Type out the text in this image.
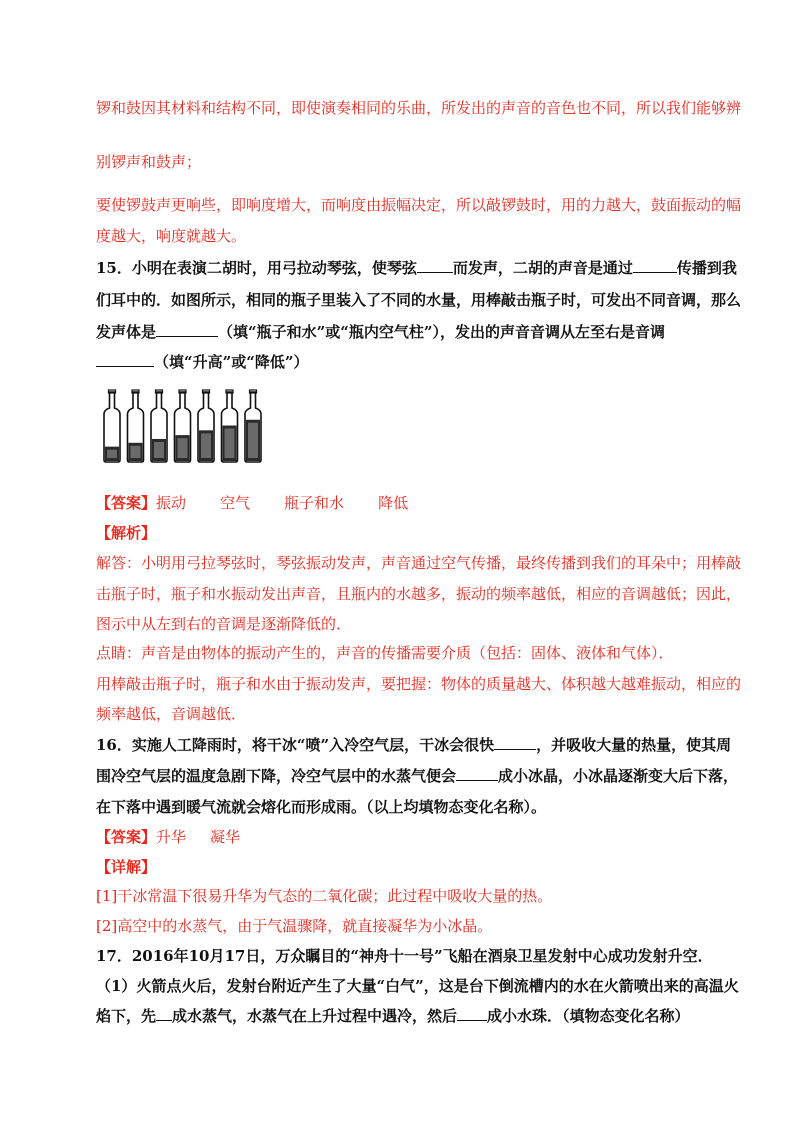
锣和鼓因其材料和结构不同，即使演奏相同的乐曲，所发出的声音的音色也不同，所以我们能够辨
别锣声和鼓声；
要使锣鼓声更响些，即响度增大，而响度由振幅决定，所以敲锣鼓时，用的力越大，鼓面振动的幅
度越大，响度就越大。
15．小明在表演二胡时，用弓拉动琴弦，使琴弦 而发声，二胡的声音是通过	传播到我
们耳中的．如图所示，相同的瓶子里装入了不同的水量，用棒敲击瓶子时，可发出不同音调，那么
发声体是	（填“瓶子和水”或“瓶内空气柱”），发出的声音音调从左至右是音调
（填“升高”或“降低”）
【答案】振动 空气 瓶子和水 降低
【解析】
解答：小明用弓拉琴弦时，琴弦振动发声，声音通过空气传播，最终传播到我们的耳朵中；用棒敲
击瓶子时，瓶子和水振动发出声音，且瓶内的水越多，振动的频率越低，相应的音调越低；因此，
图示中从左到右的音调是逐渐降低的．
点睛：声音是由物体的振动产生的，声音的传播需要介质（包括：固体、液体和气体）．
用棒敲击瓶子时，瓶子和水由于振动发声，要把握：物体的质量越大、体积越大越难振动，相应的
频率越低，音调越低．
16．实施人工降雨时，将干冰“喷”入冷空气层，干冰会很快	，并吸收大量的热量，使其周
围冷空气层的温度急剧下降，冷空气层中的水蒸气便会	成小冰晶，小冰晶逐渐变大后下落，
在下落中遇到暖气流就会熔化而形成雨。（以上均填物态变化名称）。
【答案】升华 凝华
【详解】
[1]干冰常温下很易升华为气态的二氧化碳；此过程中吸收大量的热。
[2]高空中的水蒸气，由于气温骤降，就直接凝华为小冰晶。
17．2016年10月17日，万众瞩目的“神舟十一号”飞船在酒泉卫星发射中心成功发射升空．
（1）火箭点火后，发射台附近产生了大量“白气”，这是台下倒流槽内的水在火箭喷出来的高温火
焰下，先 成水蒸气，水蒸气在上升过程中遇冷，然后 成小水珠．（填物态变化名称）
